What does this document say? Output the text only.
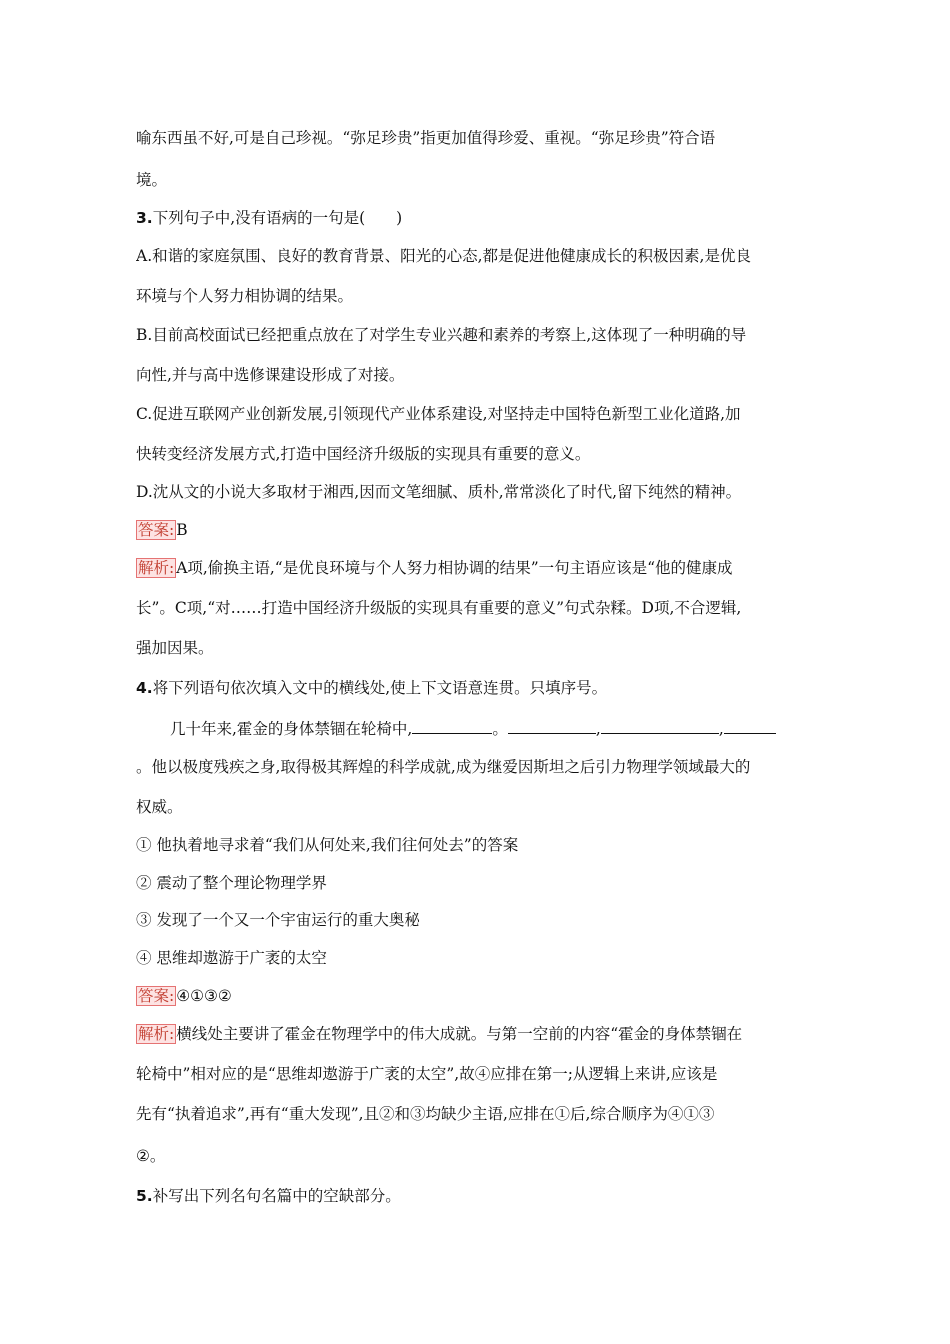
喻东西虽不好,可是自己珍视。“弥足珍贵”指更加值得珍爱、重视。“弥足珍贵”符合语
境。
3.下列句子中,没有语病的一句是(　　)
A.和谐的家庭氛围、良好的教育背景、阳光的心态,都是促进他健康成长的积极因素,是优良
环境与个人努力相协调的结果。
B.目前高校面试已经把重点放在了对学生专业兴趣和素养的考察上,这体现了一种明确的导
向性,并与高中选修课建设形成了对接。
C.促进互联网产业创新发展,引领现代产业体系建设,对坚持走中国特色新型工业化道路,加
快转变经济发展方式,打造中国经济升级版的实现具有重要的意义。
D.沈从文的小说大多取材于湘西,因而文笔细腻、质朴,常常淡化了时代,留下纯然的精神。
答案: B
解析: A项,偷换主语,“是优良环境与个人努力相协调的结果”一句主语应该是“他的健康成
长”。C项,“对……打造中国经济升级版的实现具有重要的意义”句式杂糅。D项,不合逻辑,
强加因果。
4.将下列语句依次填入文中的横线处,使上下文语意连贯。只填序号。
几十年来,霍金的身体禁锢在轮椅中,	。	,	,
。他以极度残疾之身,取得极其辉煌的科学成就,成为继爱因斯坦之后引力物理学领域最大的
权威。
① 他执着地寻求着“我们从何处来,我们往何处去”的答案
② 震动了整个理论物理学界
③ 发现了一个又一个宇宙运行的重大奥秘
④ 思维却遨游于广袤的太空
答案: ④①③②
解析: 横线处主要讲了霍金在物理学中的伟大成就。与第一空前的内容“霍金的身体禁锢在
轮椅中”相对应的是“思维却遨游于广袤的太空”,故④应排在第一;从逻辑上来讲,应该是
先有“执着追求”,再有“重大发现”,且②和③均缺少主语,应排在①后,综合顺序为④①③
②。
5.补写出下列名句名篇中的空缺部分。
